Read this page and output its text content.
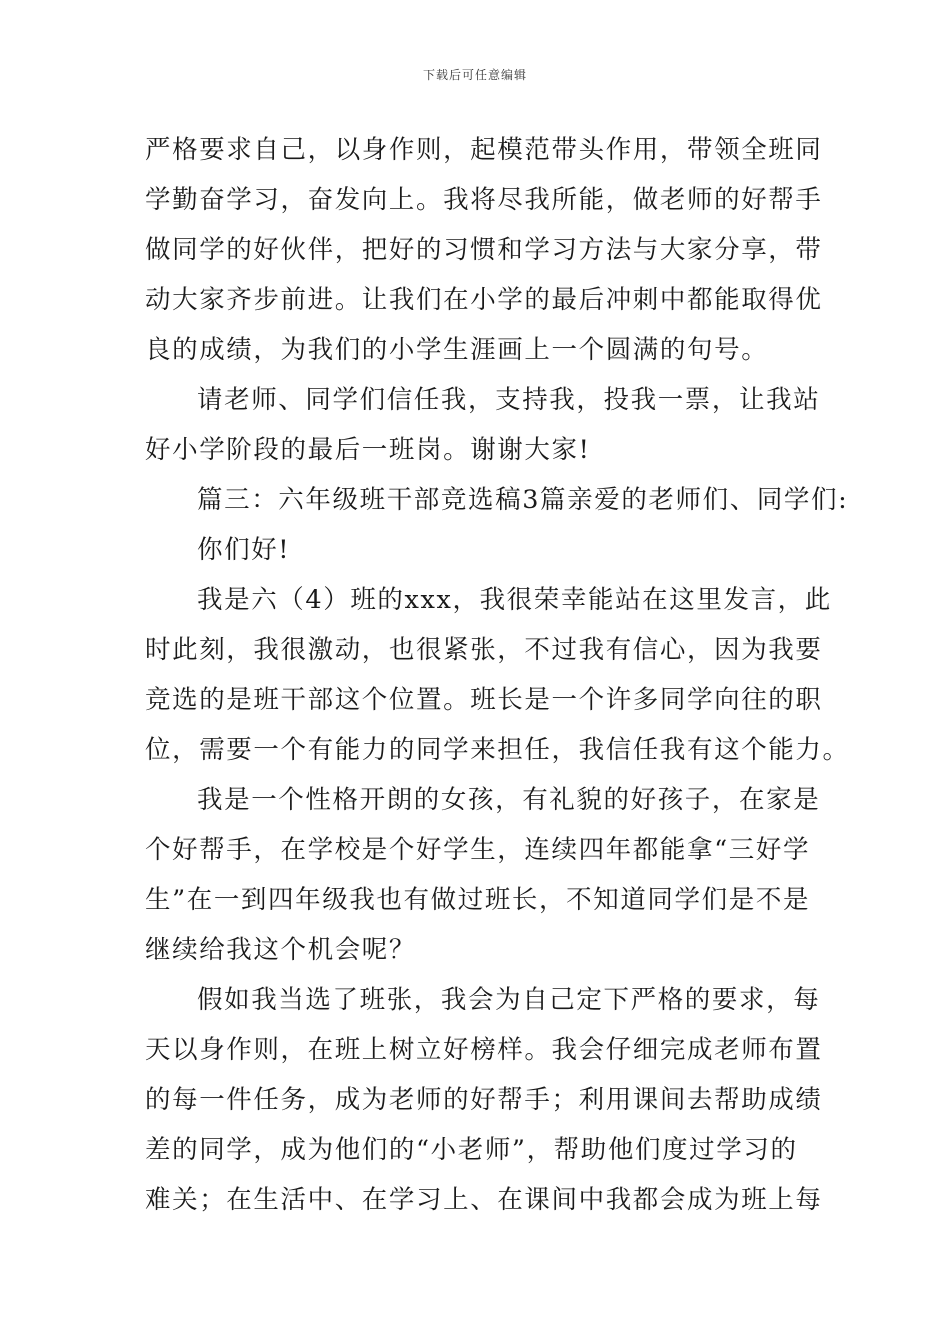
下载后可任意编辑
严格要求自己，以身作则，起模范带头作用，带领全班同
学勤奋学习，奋发向上。我将尽我所能，做老师的好帮手
做同学的好伙伴，把好的习惯和学习方法与大家分享，带
动大家齐步前进。让我们在小学的最后冲刺中都能取得优
良的成绩，为我们的小学生涯画上一个圆满的句号。
请老师、同学们信任我，支持我，投我一票，让我站
好小学阶段的最后一班岗。谢谢大家!
篇三：六年级班干部竞选稿3篇亲爱的老师们、同学们:
你们好!
我是六（4）班的xxx，我很荣幸能站在这里发言，此
时此刻，我很激动，也很紧张，不过我有信心，因为我要
竞选的是班干部这个位置。班长是一个许多同学向往的职
位，需要一个有能力的同学来担任，我信任我有这个能力。
我是一个性格开朗的女孩，有礼貌的好孩子，在家是
个好帮手，在学校是个好学生，连续四年都能拿“三好学
生”在一到四年级我也有做过班长，不知道同学们是不是
继续给我这个机会呢？
假如我当选了班张，我会为自己定下严格的要求，每
天以身作则，在班上树立好榜样。我会仔细完成老师布置
的每一件任务，成为老师的好帮手；利用课间去帮助成绩
差的同学，成为他们的“小老师”，帮助他们度过学习的
难关；在生活中、在学习上、在课间中我都会成为班上每
